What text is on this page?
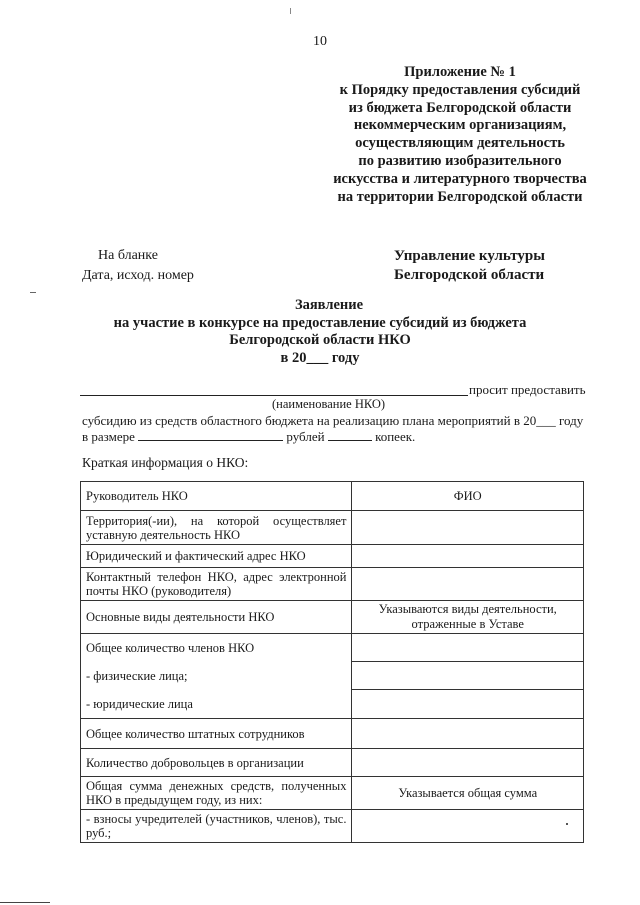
10
Приложение № 1
к Порядку предоставления субсидий
из бюджета Белгородской области
некоммерческим организациям,
осуществляющим деятельность
по развитию изобразительного
искусства и литературного творчества
на территории Белгородской области
На бланке
Дата, исход. номер
Управление культуры
Белгородской области
Заявление
на участие в конкурсе на предоставление субсидий из бюджета
Белгородской области НКО
в 20___ году
просит предоставить
(наименование НКО)
субсидию из средств областного бюджета на реализацию плана мероприятий в 20___ году
в размере	рублей	копеек.
Краткая информация о НКО:
Руководитель НКО	ФИО
Территория(-ии), на которой осуществляет уставную деятельность НКО	
Юридический и фактический адрес НКО	
Контактный телефон НКО, адрес электронной почты НКО (руководителя)	
Основные виды деятельности НКО	Указываются виды деятельности, отраженные в Уставе

Общее количество членов НКО
- физические лица;
- юридические лица	

Общее количество штатных сотрудников	
Количество добровольцев в организации	
Общая сумма денежных средств, полученных НКО в предыдущем году, из них:	Указывается общая сумма
- взносы учредителей (участников, членов), тыс. руб.;	
